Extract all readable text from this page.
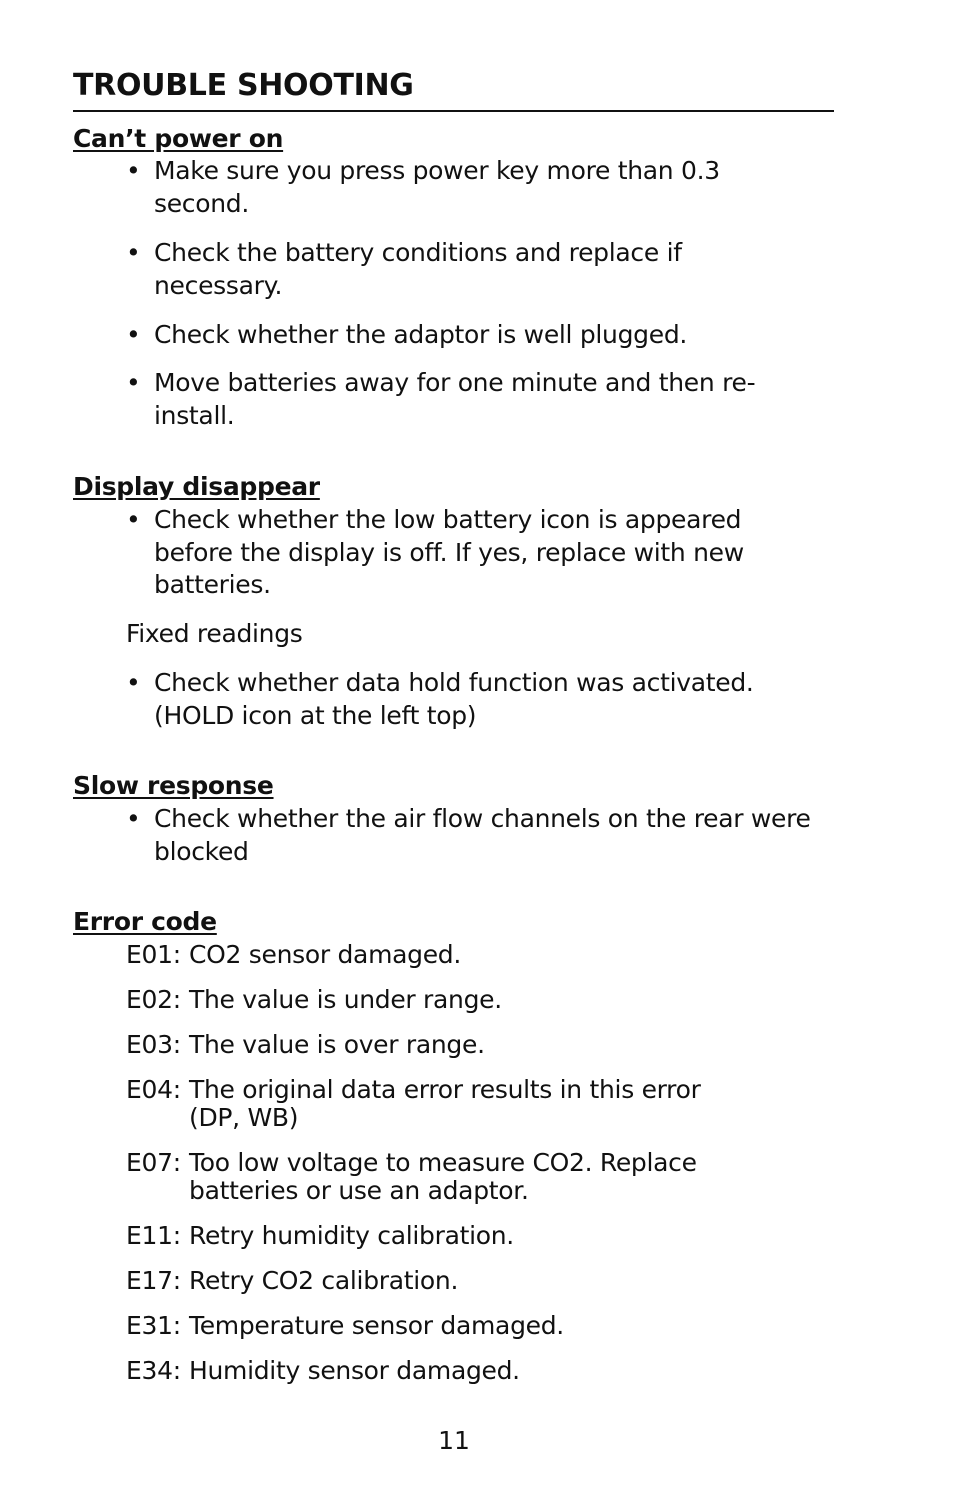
TROUBLE SHOOTING
Can’t power on
• Make sure you press power key more than 0.3 second.
• Check the battery conditions and replace if necessary.
• Check whether the adaptor is well plugged.
• Move batteries away for one minute and then re-install.
Display disappear
• Check whether the low battery icon is appeared before the display is off. If yes, replace with new batteries.

Fixed readings

• Check whether data hold function was activated. (HOLD icon at the left top)
Slow response
• Check whether the air flow channels on the rear were blocked
Error code
E01: CO2 sensor damaged.
E02: The value is under range.
E03: The value is over range.
E04: The original data error results in this error (DP, WB)
E07: Too low voltage to measure CO2. Replace batteries or use an adaptor.
E11: Retry humidity calibration.
E17: Retry CO2 calibration.
E31: Temperature sensor damaged.
E34: Humidity sensor damaged.

11
